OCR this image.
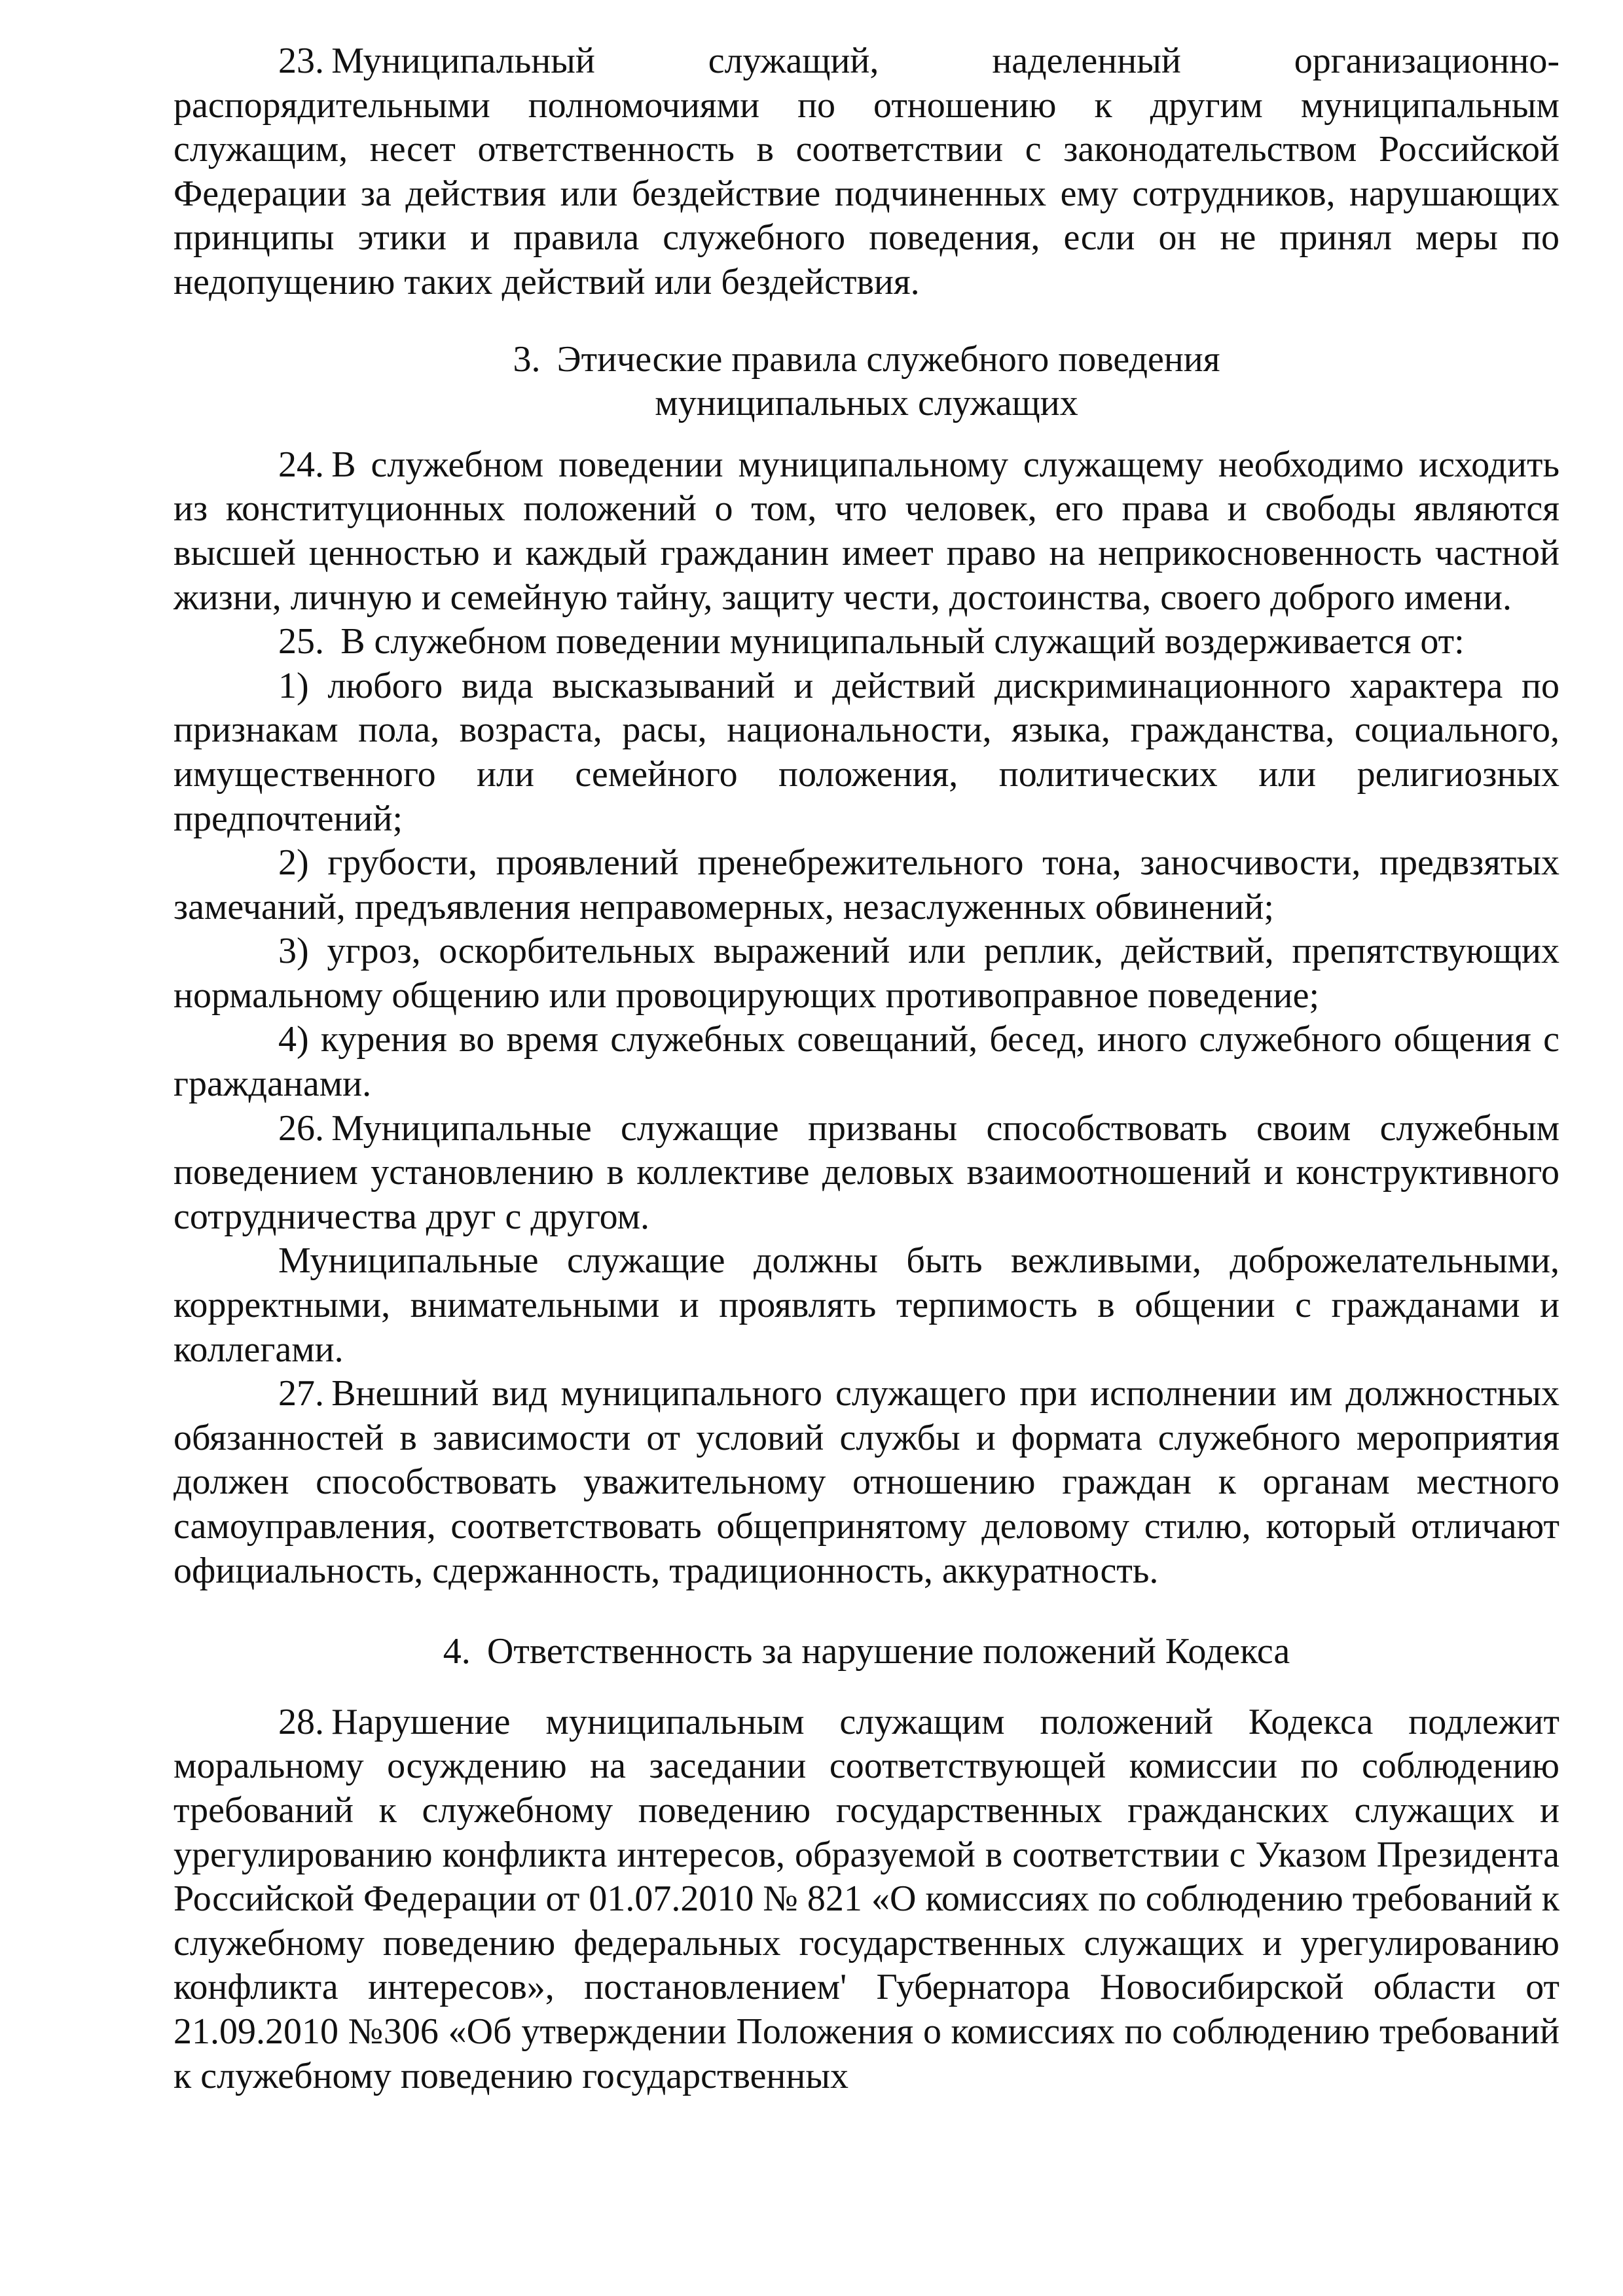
23. Муниципальный служащий, наделенный организационно-распорядительными полномочиями по отношению к другим муниципальным служащим, несет ответственность в соответствии с законодательством Российской Федерации за действия или бездействие подчиненных ему сотрудников, нарушающих принципы этики и правила служебного поведения, если он не принял меры по недопущению таких действий или бездействия.

3. Этические правила служебного поведения

муниципальных служащих

24. В служебном поведении муниципальному служащему необходимо исходить из конституционных положений о том, что человек, его права и свободы являются высшей ценностью и каждый гражданин имеет право на неприкосновенность частной жизни, личную и семейную тайну, защиту чести, достоинства, своего доброго имени.

25. В служебном поведении муниципальный служащий воздерживается от:

1) любого вида высказываний и действий дискриминационного характера по признакам пола, возраста, расы, национальности, языка, гражданства, социального, имущественного или семейного положения, политических или религиозных предпочтений;

2) грубости, проявлений пренебрежительного тона, заносчивости, предвзятых замечаний, предъявления неправомерных, незаслуженных обвинений;

3) угроз, оскорбительных выражений или реплик, действий, препятствующих нормальному общению или провоцирующих противоправное поведение;

4) курения во время служебных совещаний, бесед, иного служебного общения с гражданами.

26. Муниципальные служащие призваны способствовать своим служебным поведением установлению в коллективе деловых взаимоотношений и конструктивного сотрудничества друг с другом.

Муниципальные служащие должны быть вежливыми, доброжелательными, корректными, внимательными и проявлять терпимость в общении с гражданами и коллегами.

27. Внешний вид муниципального служащего при исполнении им должностных обязанностей в зависимости от условий службы и формата служебного мероприятия должен способствовать уважительному отношению граждан к органам местного самоуправления, соответствовать общепринятому деловому стилю, который отличают официальность, сдержанность, традиционность, аккуратность.

4. Ответственность за нарушение положений Кодекса

28. Нарушение муниципальным служащим положений Кодекса подлежит моральному осуждению на заседании соответствующей комиссии по соблюдению требований к служебному поведению государственных гражданских служащих и урегулированию конфликта интересов, образуемой в соответствии с Указом Президента Российской Федерации от 01.07.2010 № 821 «О комиссиях по соблюдению требований к служебному поведению федеральных государственных служащих и урегулированию конфликта интересов», постановлением' Губернатора Новосибирской области от 21.09.2010 №306 «Об утверждении Положения о комиссиях по соблюдению требований к служебному поведению государственных
